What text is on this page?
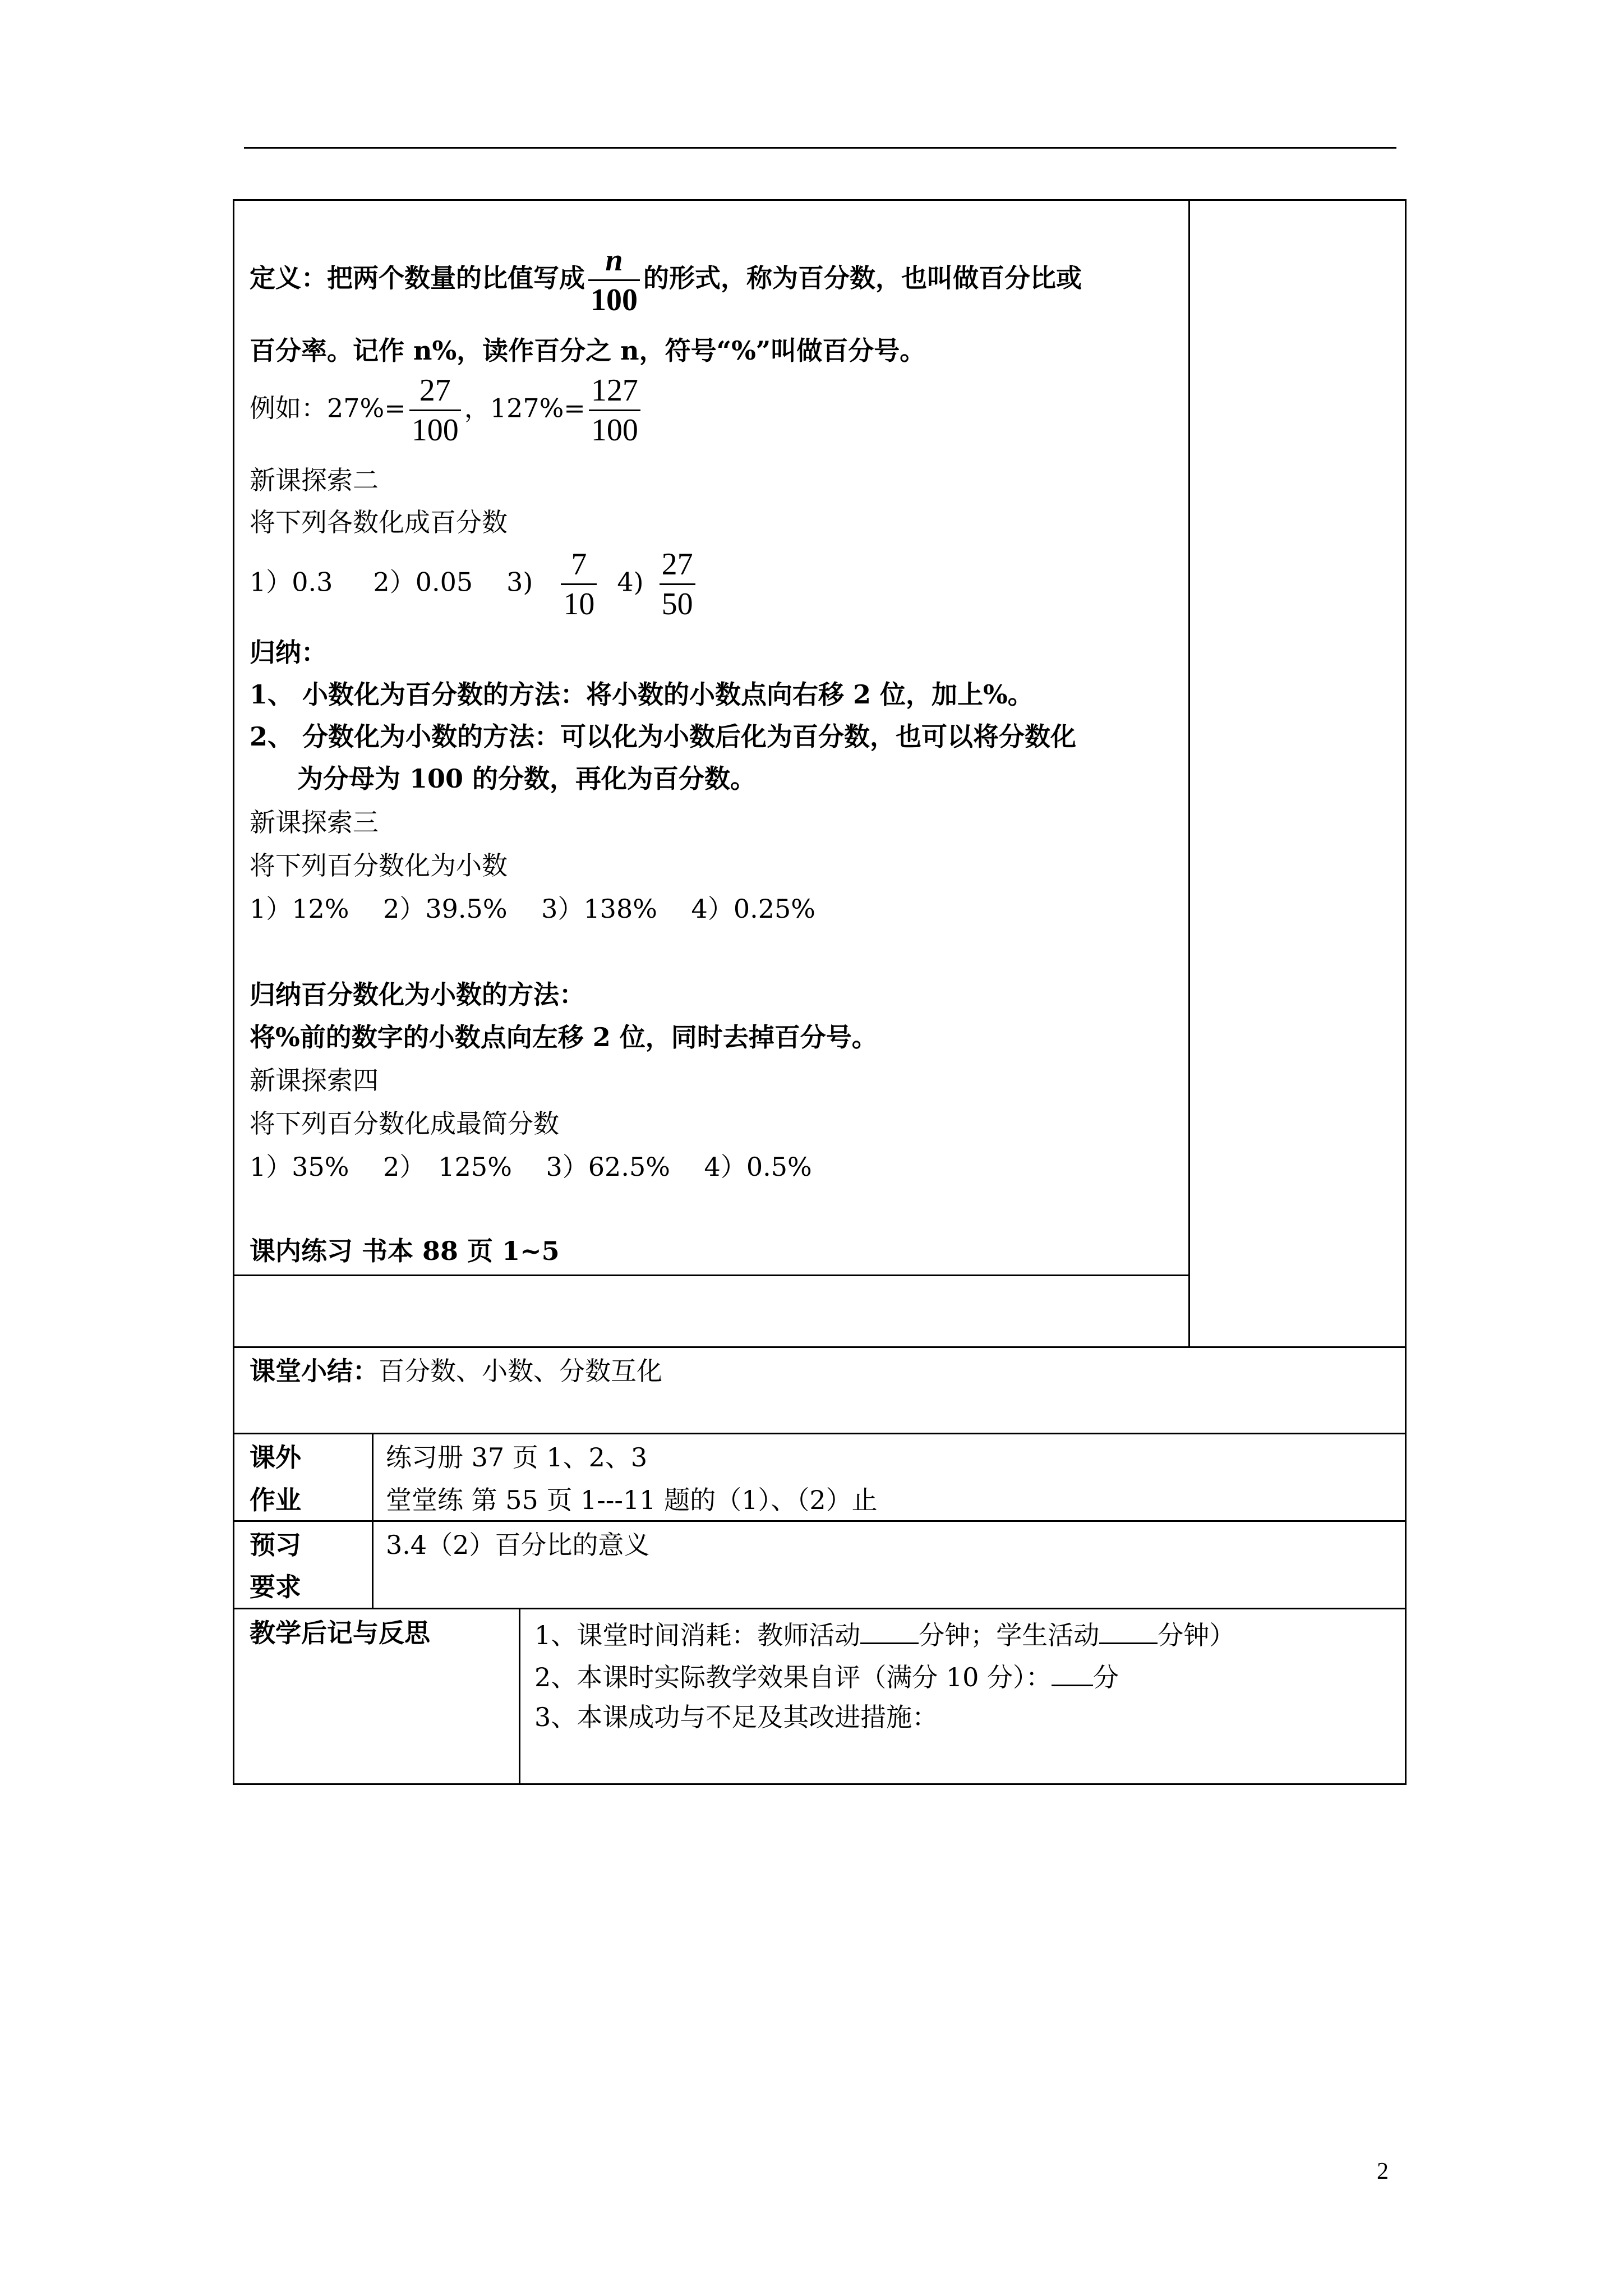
定义：把两个数量的比值写成 $\frac{n}{100}$ 的形式，称为百分数，也叫做百分比或
百分率。记作 n%，读作百分之 n，符号“%”叫做百分号。
例如：$27\%= \frac{27}{100}$ ，$127\%= \frac{127}{100}$
新课探索二
将下列各数化成百分数
1）0.3 2）0.05 $3) \frac{7}{10} 4) \frac{27}{50}$
归纳：
1、 小数化为百分数的方法：将小数的小数点向右移 2 位，加上%。
2、 分数化为小数的方法：可以化为小数后化为百分数，也可以将分数化
为分母为 100 的分数，再化为百分数。
新课探索三
将下列百分数化为小数
1）12%　 2）39.5%　 3）138%　 4）0.25%
归纳百分数化为小数的方法：
将%前的数字的小数点向左移 2 位，同时去掉百分号。
新课探索四
将下列百分数化成最简分数
1）35%　 2）　125%　 3）62.5%　 4）0.5%
课内练习 书本 88 页 1~5
课堂小结：百分数、小数、分数互化
课外
作业
练习册 37 页 1、2、3
堂堂练 第 55 页 1---11 题的（1）、（2）止
预习
要求
3.4（2）百分比的意义
教学后记与反思	1、课堂时间消耗：教师活动 分钟；学生活动 分钟）
2、本课时实际教学效果自评（满分 10 分）： 分
3、本课成功与不足及其改进措施：
2
